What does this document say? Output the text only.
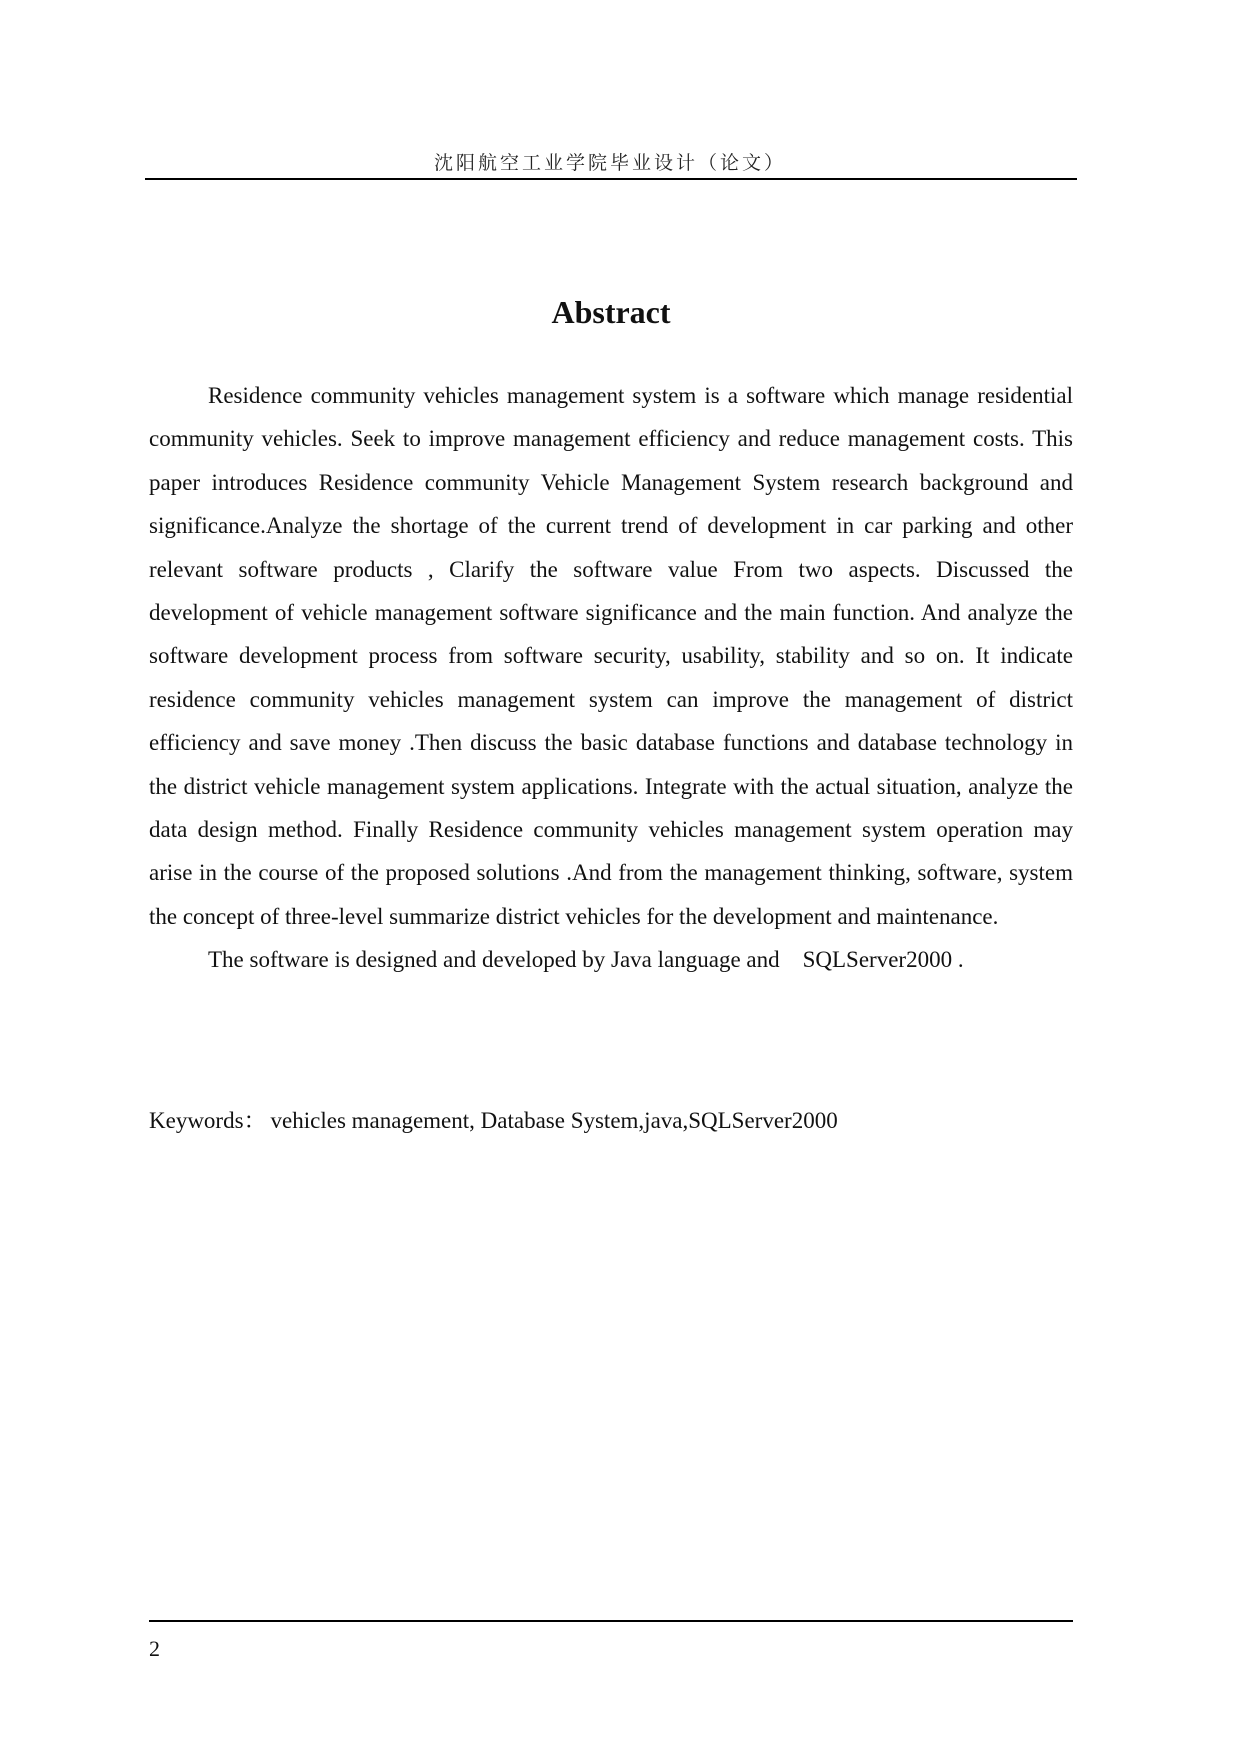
沈阳航空工业学院毕业设计（论文）
Abstract

Residence community vehicles management system is a software which manage residential community vehicles. Seek to improve management efficiency and reduce management costs. This paper introduces Residence community Vehicle Management System research background and significance.Analyze the shortage of the current trend of development in car parking and other relevant software products , Clarify the software value From two aspects. Discussed the development of vehicle management software significance and the main function. And analyze the software development process from software security, usability, stability and so on. It indicate residence community vehicles management system can improve the management of district efficiency and save money .Then discuss the basic database functions and database technology in the district vehicle management system applications. Integrate with the actual situation, analyze the data design method. Finally Residence community vehicles management system operation may arise in the course of the proposed solutions .And from the management thinking, software, system the concept of three-level summarize district vehicles for the development and maintenance.

The software is designed and developed by Java language and    SQLServer2000 .

Keywords： vehicles management, Database System,java,SQLServer2000
2
